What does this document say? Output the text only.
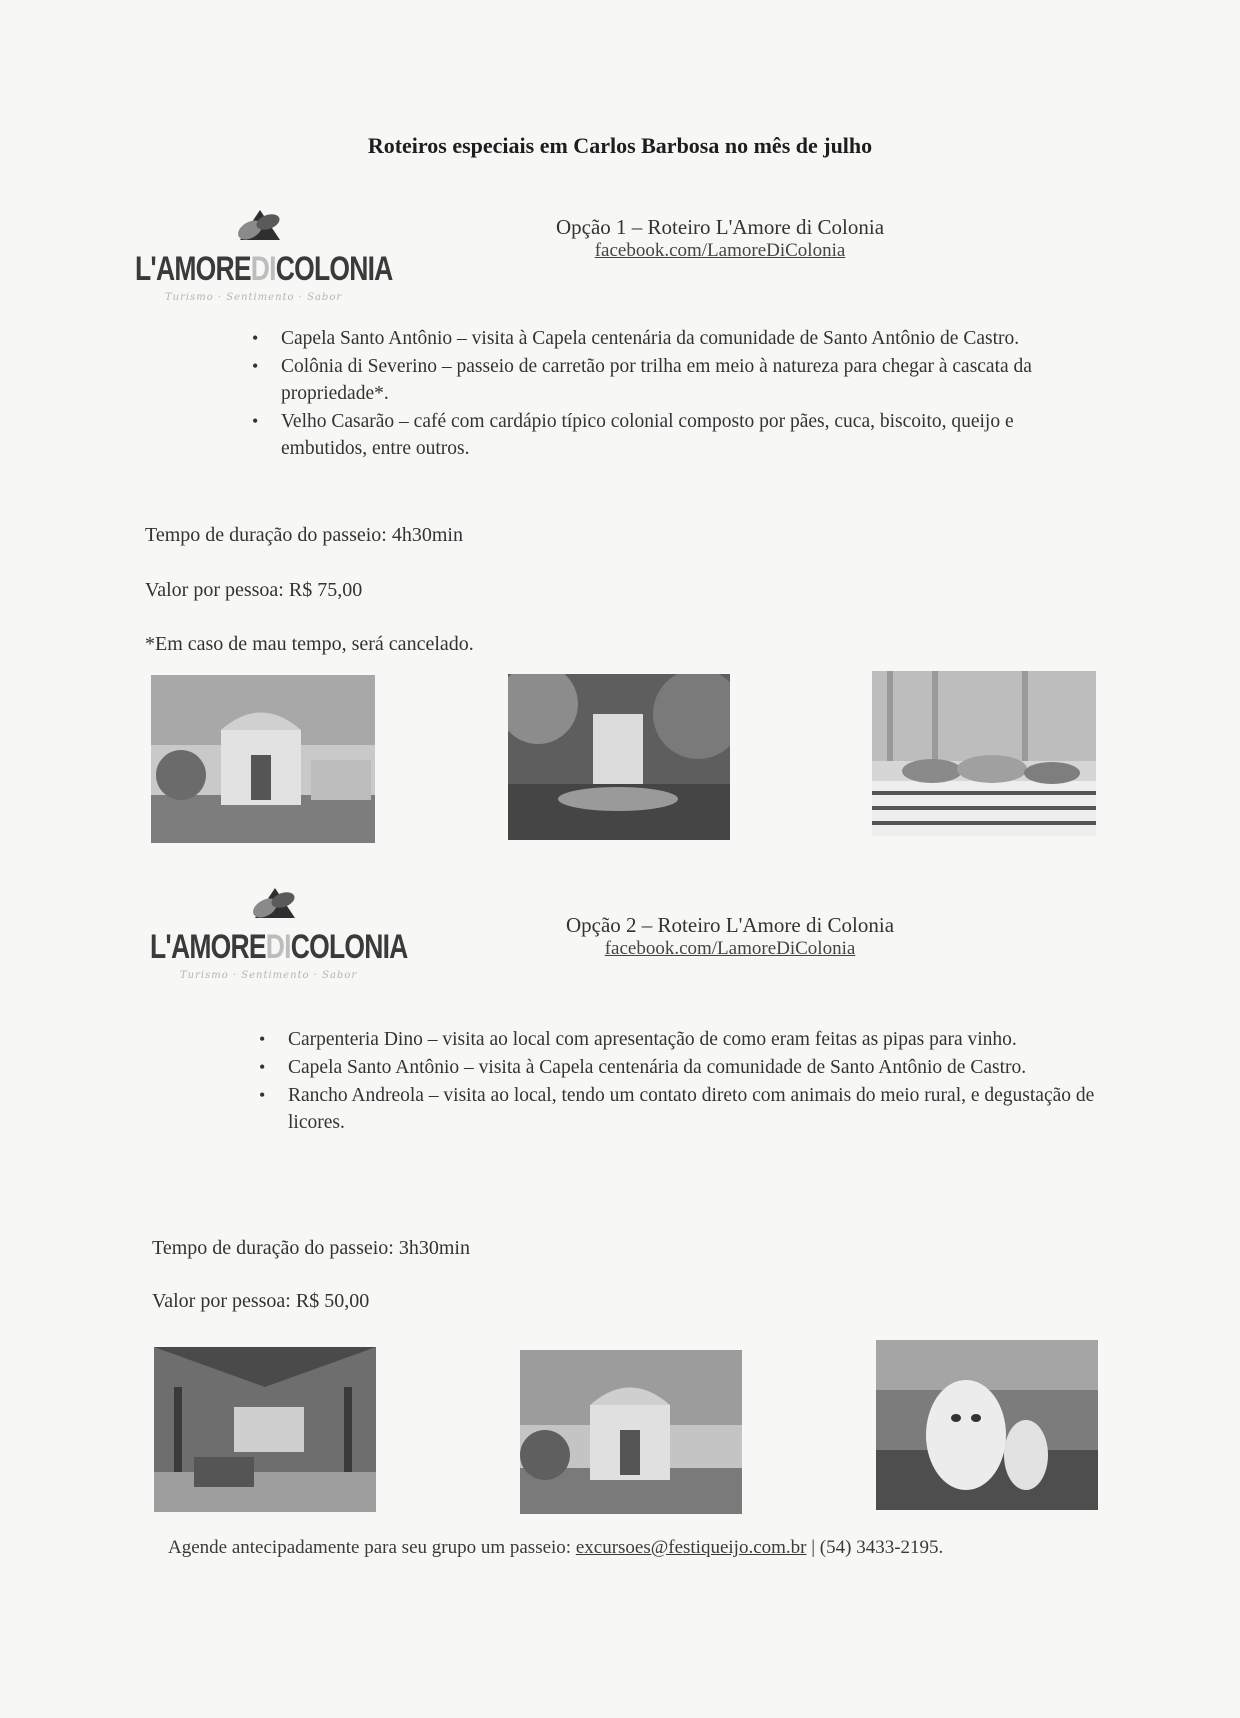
Roteiros especiais em Carlos Barbosa no mês de julho
L'AMOREDICOLONIA
Turismo · Sentimento · Sabor
Opção 1 – Roteiro L'Amore di Colonia
facebook.com/LamoreDiColonia
• Capela Santo Antônio – visita à Capela centenária da comunidade de Santo Antônio de Castro.
• Colônia di Severino – passeio de carretão por trilha em meio à natureza para chegar à cascata da propriedade*.
• Velho Casarão – café com cardápio típico colonial composto por pães, cuca, biscoito, queijo e embutidos, entre outros.
Tempo de duração do passeio: 4h30min
Valor por pessoa: R$ 75,00
*Em caso de mau tempo, será cancelado.
L'AMOREDICOLONIA
Turismo · Sentimento · Sabor
Opção 2 – Roteiro L'Amore di Colonia
facebook.com/LamoreDiColonia
• Carpenteria Dino – visita ao local com apresentação de como eram feitas as pipas para vinho.
• Capela Santo Antônio – visita à Capela centenária da comunidade de Santo Antônio de Castro.
• Rancho Andreola – visita ao local, tendo um contato direto com animais do meio rural, e degustação de licores.
Tempo de duração do passeio: 3h30min
Valor por pessoa: R$ 50,00
Agende antecipadamente para seu grupo um passeio: excursoes@festiqueijo.com.br | (54) 3433-2195.
